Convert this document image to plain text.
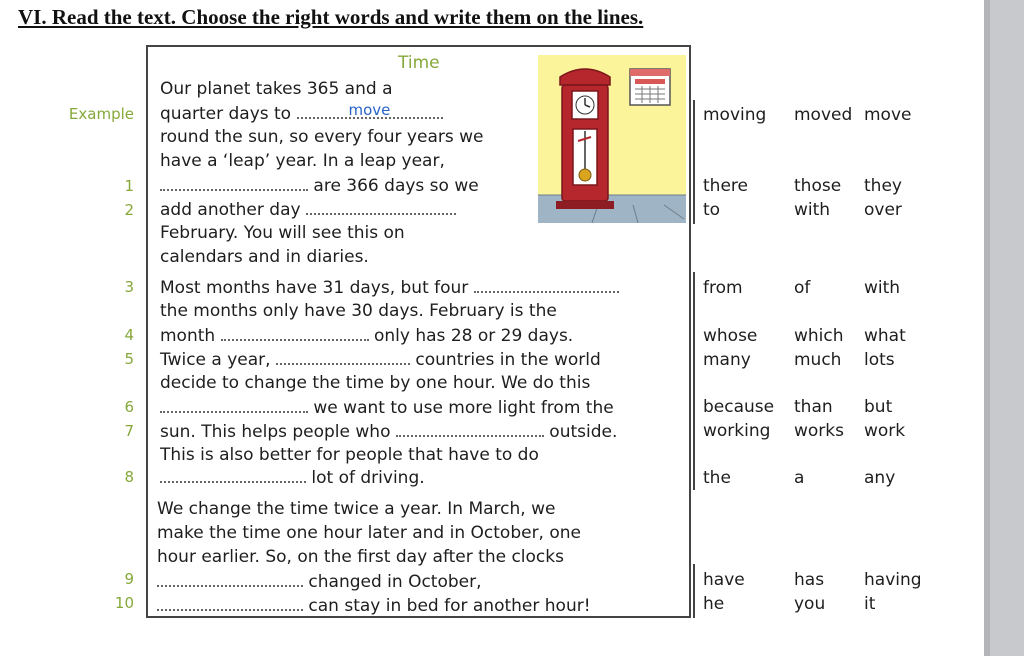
VI. Read the text. Choose the right words and write them on the lines.
Time
Example
1
2
3
4
5
6
7
8
9
10
Our planet takes 365 and a
quarter days to	move
round the sun, so every four years we
have a ‘leap’ year. In a leap year,
are 366 days so we
add another day
February. You will see this on
calendars and in diaries.
Most months have 31 days, but four
the months only have 30 days. February is the
month	only has 28 or 29 days.
Twice a year,	countries in the world
decide to change the time by one hour. We do this
we want to use more light from the
sun. This helps people who	outside.
This is also better for people that have to do
lot of driving.
We change the time twice a year. In March, we
make the time one hour later and in October, one
hour earlier. So, on the first day after the clocks
changed in October,
can stay in bed for another hour!
moving moved move
there	those they
to	with over
from	of	with
whose which what
many	much lots
because than but
working works work
the	a	any
have	has having
he	you it
